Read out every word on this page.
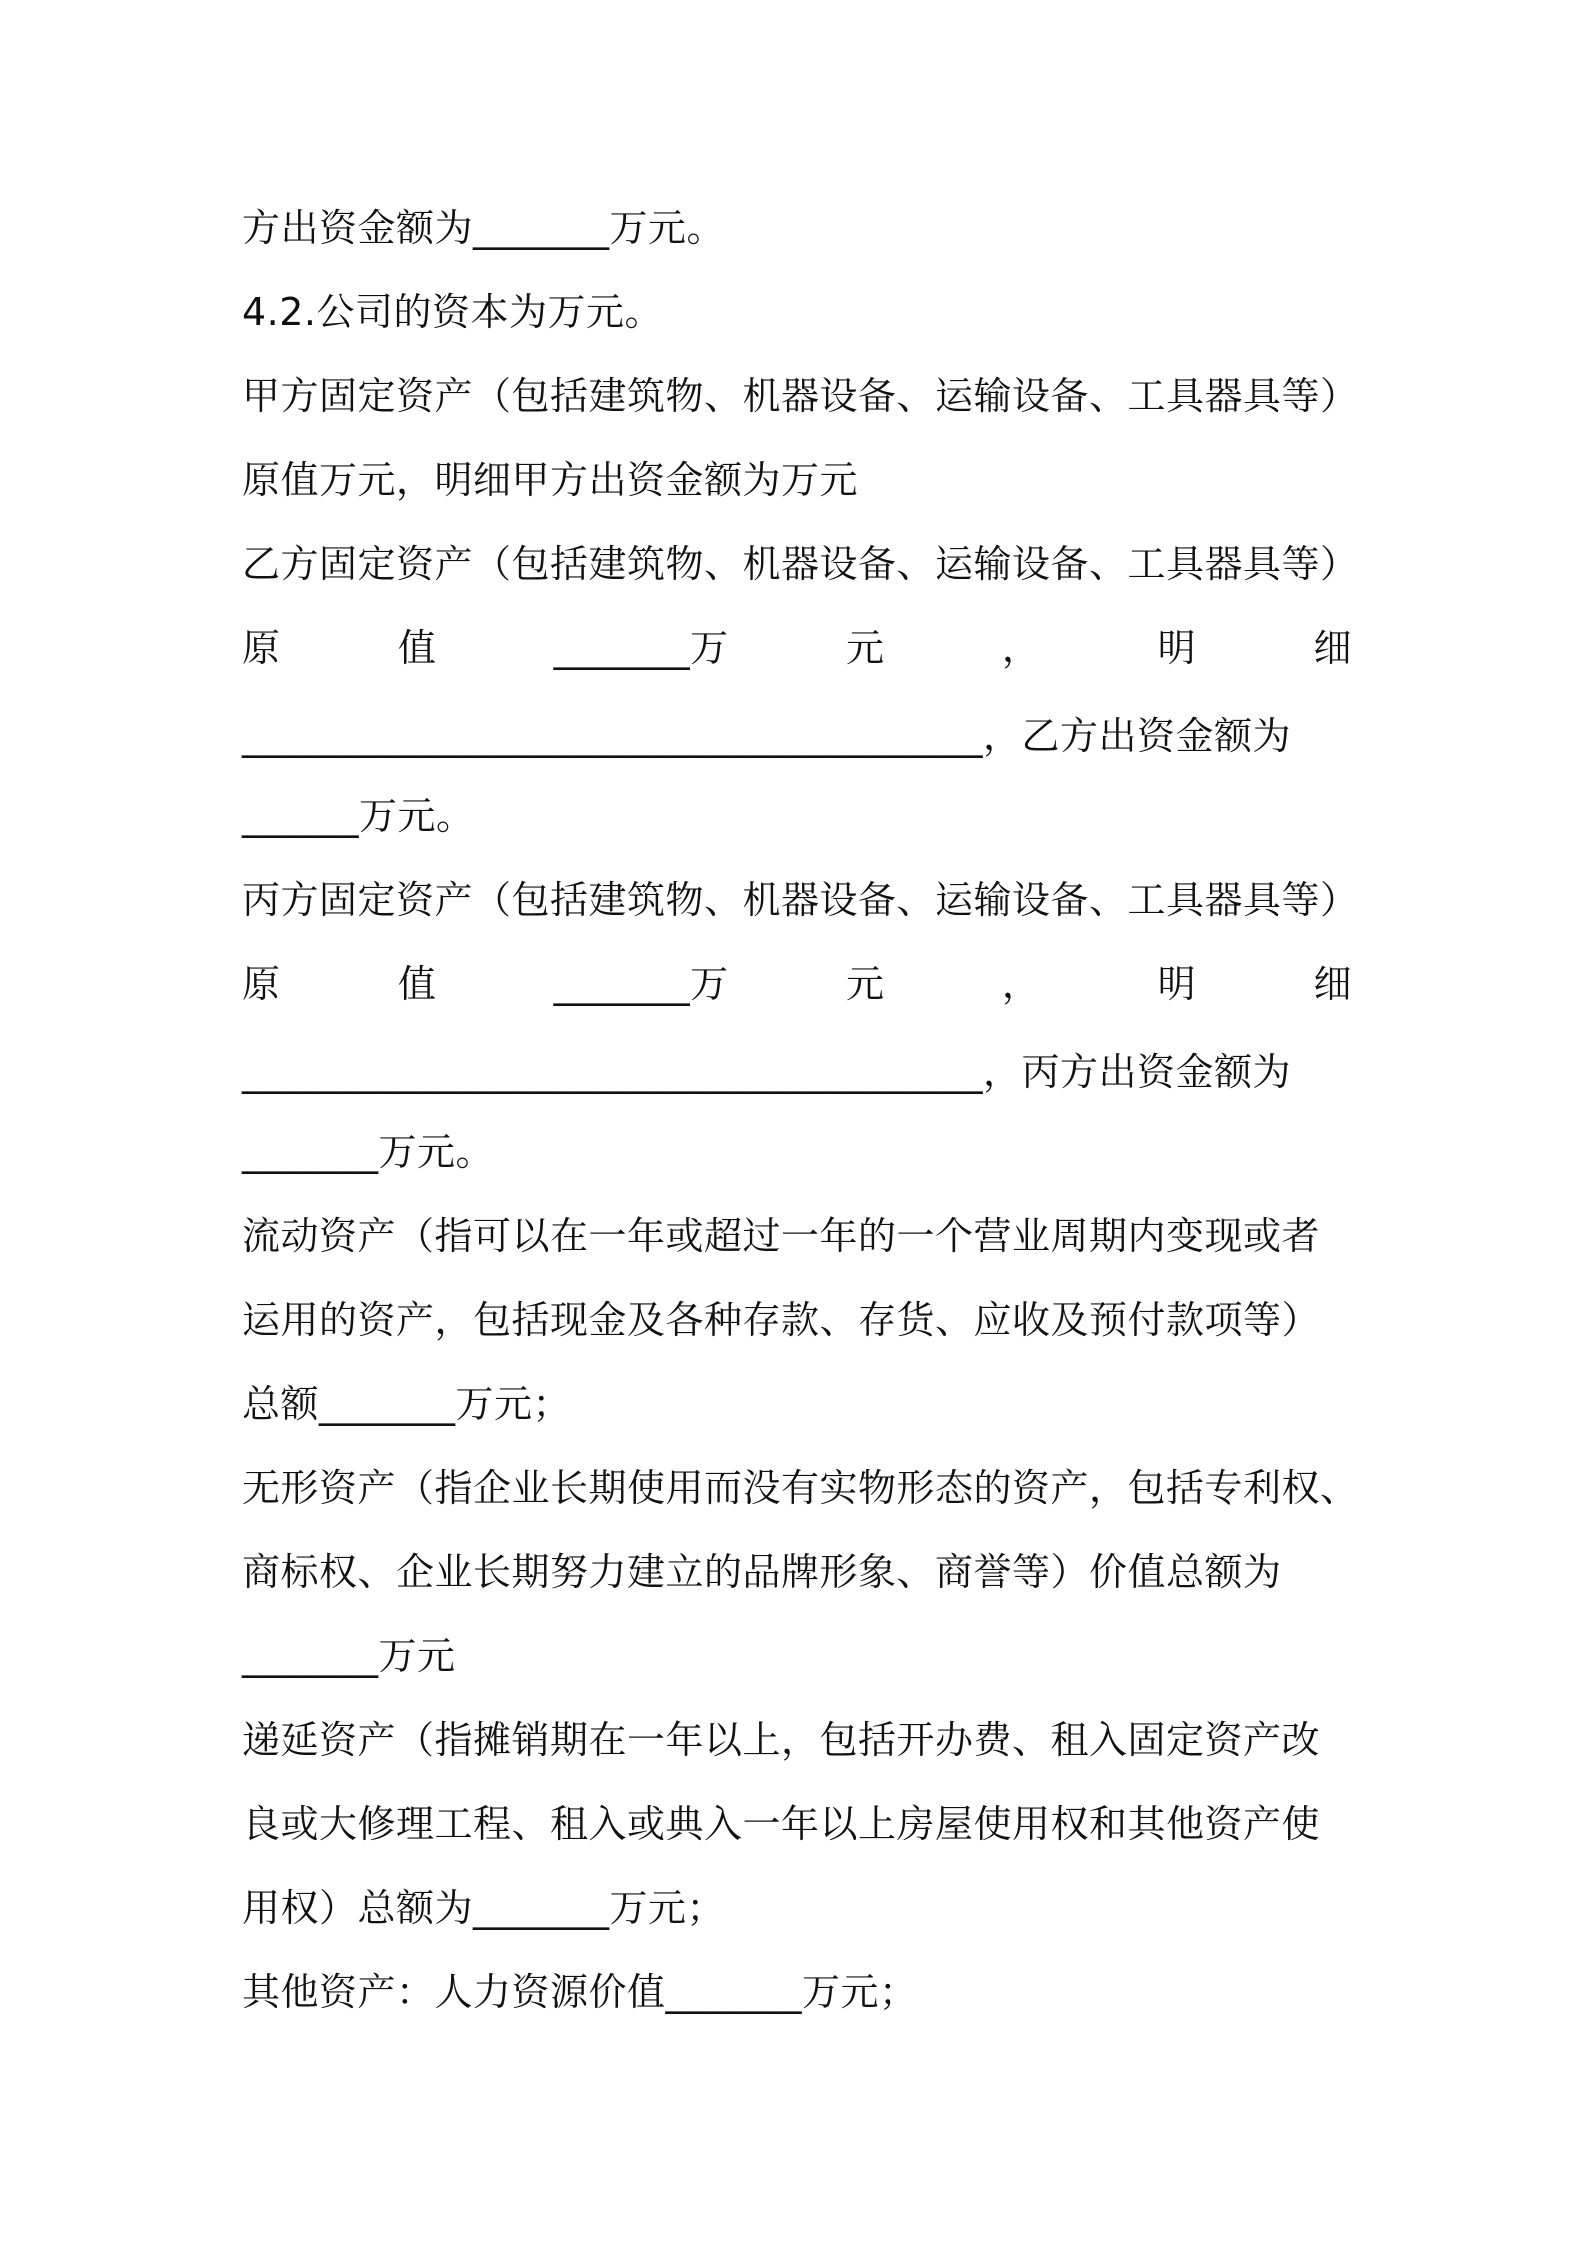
方出资金额为_______万元。
4.2.公司的资本为万元。
甲方固定资产（包括建筑物、机器设备、运输设备、工具器具等）
原值万元，明细甲方出资金额为万元
乙方固定资产（包括建筑物、机器设备、运输设备、工具器具等）
原	值	_______万	元	，	明	细
______________________________________，乙方出资金额为
______万元。
丙方固定资产（包括建筑物、机器设备、运输设备、工具器具等）
原	值	_______万	元	，	明	细
______________________________________，丙方出资金额为
_______万元。
流动资产（指可以在一年或超过一年的一个营业周期内变现或者
运用的资产，包括现金及各种存款、存货、应收及预付款项等）
总额_______万元；
无形资产（指企业长期使用而没有实物形态的资产，包括专利权、
商标权、企业长期努力建立的品牌形象、商誉等）价值总额为
_______万元
递延资产（指摊销期在一年以上，包括开办费、租入固定资产改
良或大修理工程、租入或典入一年以上房屋使用权和其他资产使
用权）总额为_______万元；
其他资产：人力资源价值_______万元；
